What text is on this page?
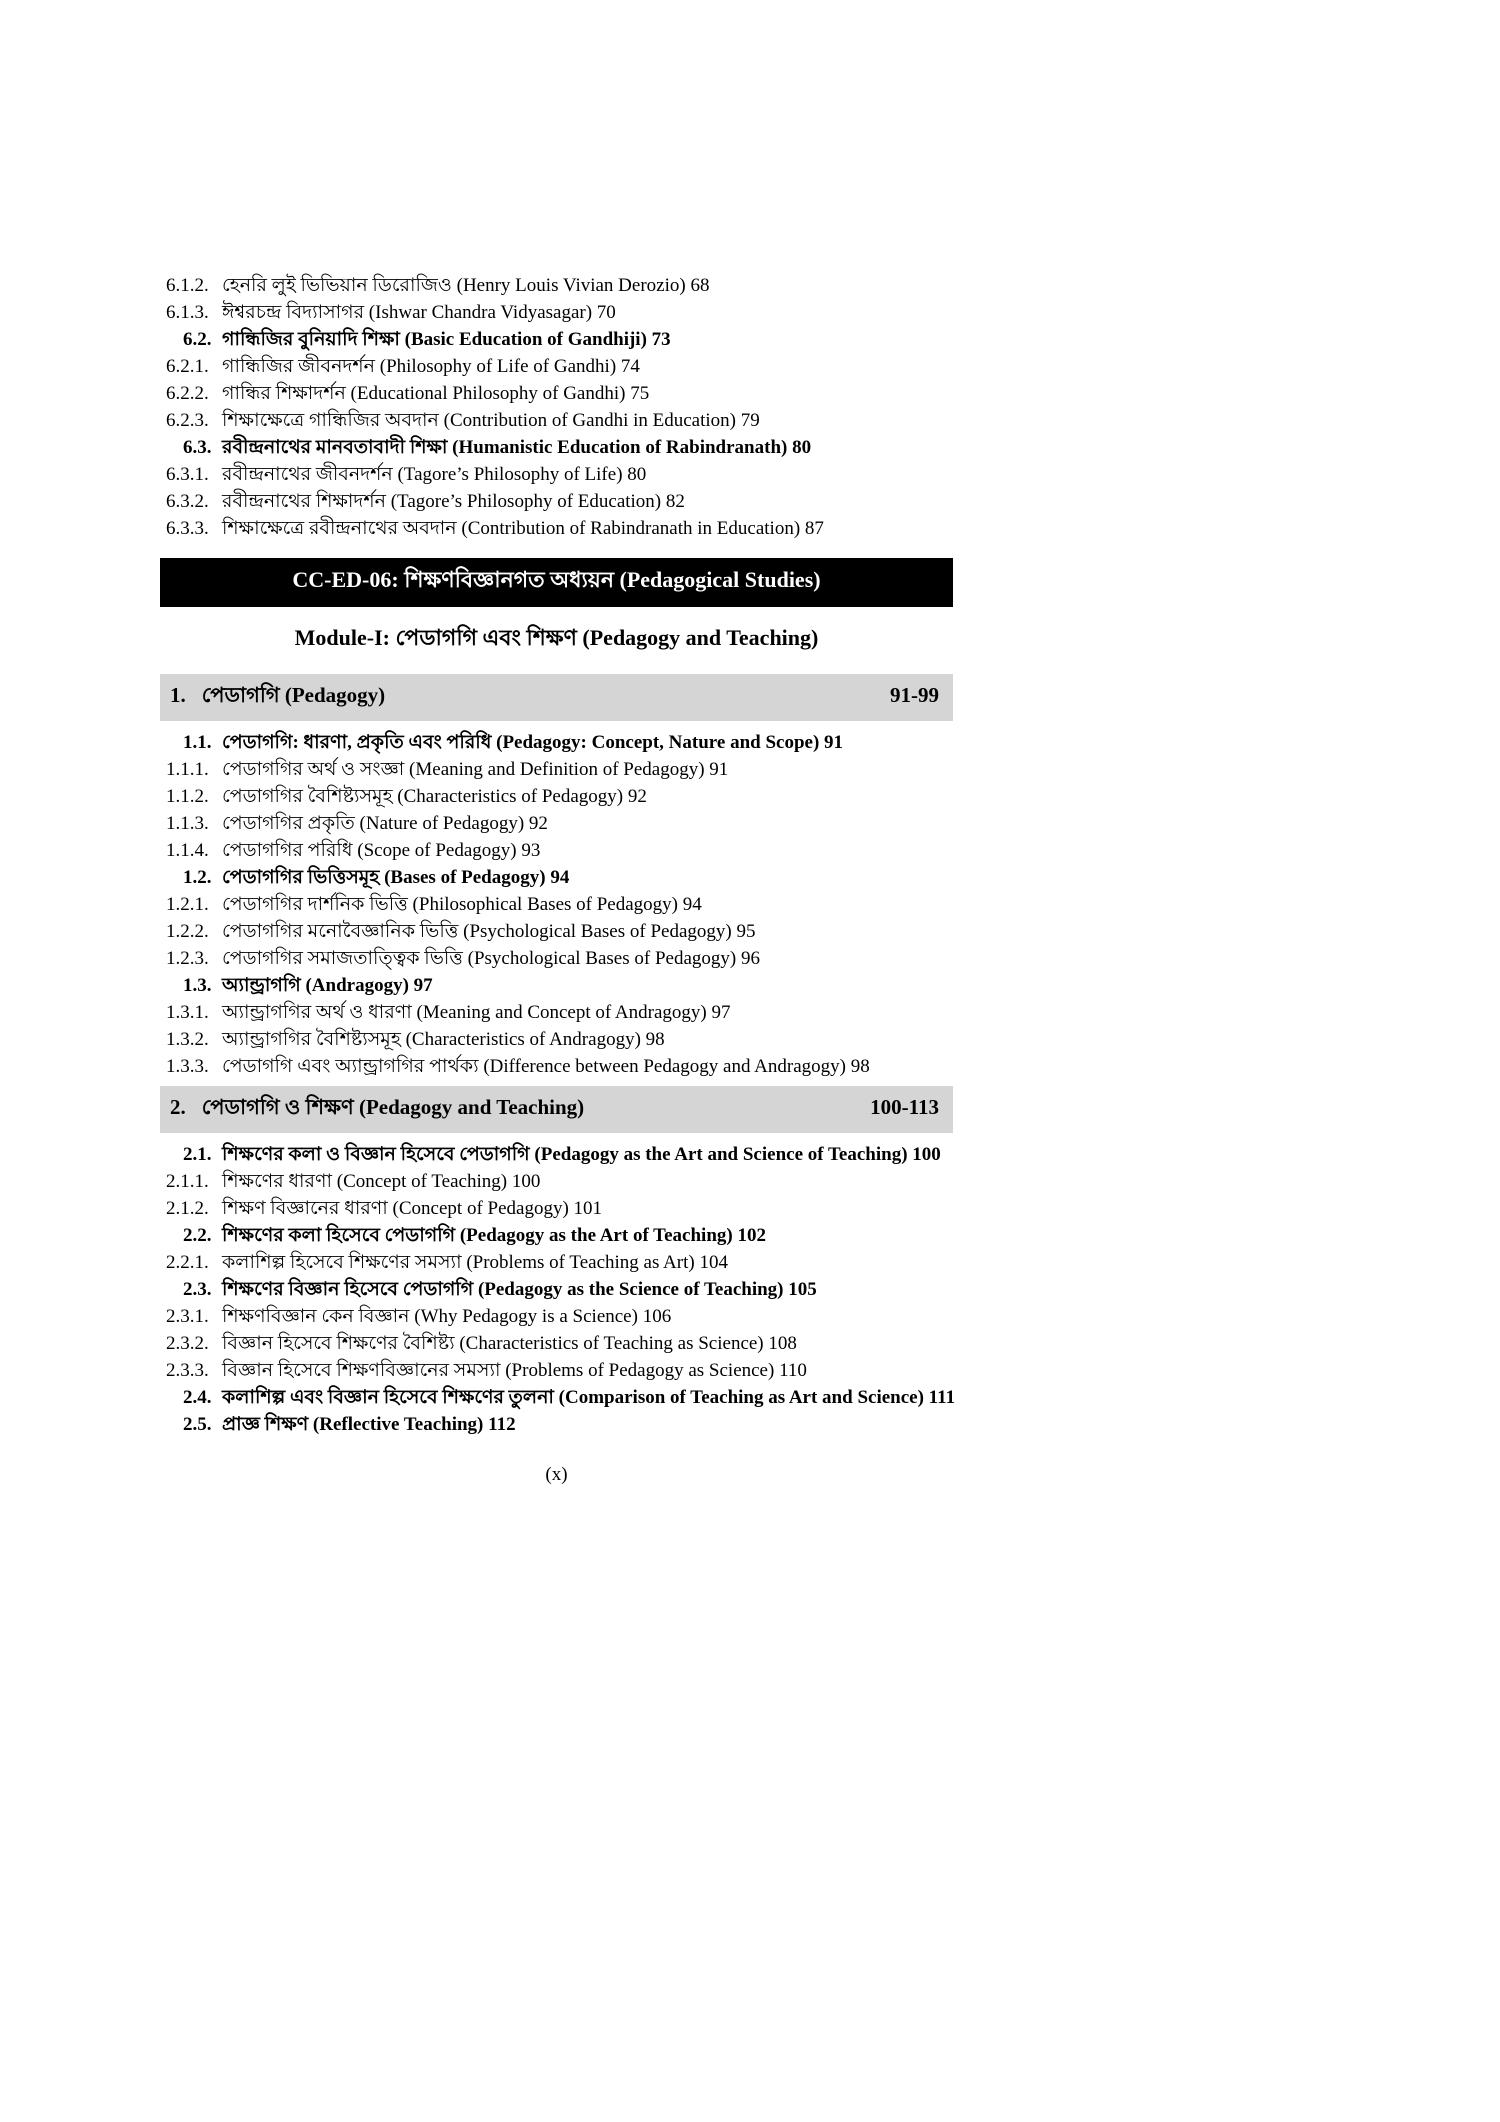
6.1.2. হেনরি লুই ভিভিয়ান ডিরোজিও (Henry Louis Vivian Derozio) 68
6.1.3. ঈশ্বরচন্দ্র বিদ্যাসাগর (Ishwar Chandra Vidyasagar) 70
6.2. গান্ধিজির বুনিয়াদি শিক্ষা (Basic Education of Gandhiji) 73
6.2.1. গান্ধিজির জীবনদর্শন (Philosophy of Life of Gandhi) 74
6.2.2. গান্ধির শিক্ষাদর্শন (Educational Philosophy of Gandhi) 75
6.2.3. শিক্ষাক্ষেত্রে গান্ধিজির অবদান (Contribution of Gandhi in Education) 79
6.3. রবীন্দ্রনাথের মানবতাবাদী শিক্ষা (Humanistic Education of Rabindranath) 80
6.3.1. রবীন্দ্রনাথের জীবনদর্শন (Tagore’s Philosophy of Life) 80
6.3.2. রবীন্দ্রনাথের শিক্ষাদর্শন (Tagore’s Philosophy of Education) 82
6.3.3. শিক্ষাক্ষেত্রে রবীন্দ্রনাথের অবদান (Contribution of Rabindranath in Education) 87
CC-ED-06: শিক্ষণবিজ্ঞানগত অধ্যয়ন (Pedagogical Studies)
Module-I: পেডাগগি এবং শিক্ষণ (Pedagogy and Teaching)
1. পেডাগগি (Pedagogy)	91-99
1.1. পেডাগগি: ধারণা, প্রকৃতি এবং পরিধি (Pedagogy: Concept, Nature and Scope) 91
1.1.1. পেডাগগির অর্থ ও সংজ্ঞা (Meaning and Definition of Pedagogy) 91
1.1.2. পেডাগগির বৈশিষ্ট্যসমূহ (Characteristics of Pedagogy) 92
1.1.3. পেডাগগির প্রকৃতি (Nature of Pedagogy) 92
1.1.4. পেডাগগির পরিধি (Scope of Pedagogy) 93
1.2. পেডাগগির ভিত্তিসমূহ (Bases of Pedagogy) 94
1.2.1. পেডাগগির দার্শনিক ভিত্তি (Philosophical Bases of Pedagogy) 94
1.2.2. পেডাগগির মনোবৈজ্ঞানিক ভিত্তি (Psychological Bases of Pedagogy) 95
1.2.3. পেডাগগির সমাজতাত্ত্বিক ভিত্তি (Psychological Bases of Pedagogy) 96
1.3. অ্যান্ড্রাগগি (Andragogy) 97
1.3.1. অ্যান্ড্রাগগির অর্থ ও ধারণা (Meaning and Concept of Andragogy) 97
1.3.2. অ্যান্ড্রাগগির বৈশিষ্ট্যসমূহ (Characteristics of Andragogy) 98
1.3.3. পেডাগগি এবং অ্যান্ড্রাগগির পার্থক্য (Difference between Pedagogy and Andragogy) 98
2. পেডাগগি ও শিক্ষণ (Pedagogy and Teaching)	100-113
2.1. শিক্ষণের কলা ও বিজ্ঞান হিসেবে পেডাগগি (Pedagogy as the Art and Science of Teaching) 100
2.1.1. শিক্ষণের ধারণা (Concept of Teaching) 100
2.1.2. শিক্ষণ বিজ্ঞানের ধারণা (Concept of Pedagogy) 101
2.2. শিক্ষণের কলা হিসেবে পেডাগগি (Pedagogy as the Art of Teaching) 102
2.2.1. কলাশিল্প হিসেবে শিক্ষণের সমস্যা (Problems of Teaching as Art) 104
2.3. শিক্ষণের বিজ্ঞান হিসেবে পেডাগগি (Pedagogy as the Science of Teaching) 105
2.3.1. শিক্ষণবিজ্ঞান কেন বিজ্ঞান (Why Pedagogy is a Science) 106
2.3.2. বিজ্ঞান হিসেবে শিক্ষণের বৈশিষ্ট্য (Characteristics of Teaching as Science) 108
2.3.3. বিজ্ঞান হিসেবে শিক্ষণবিজ্ঞানের সমস্যা (Problems of Pedagogy as Science) 110
2.4. কলাশিল্প এবং বিজ্ঞান হিসেবে শিক্ষণের তুলনা (Comparison of Teaching as Art and Science) 111
2.5. প্রাজ্ঞ শিক্ষণ (Reflective Teaching) 112
(x)
